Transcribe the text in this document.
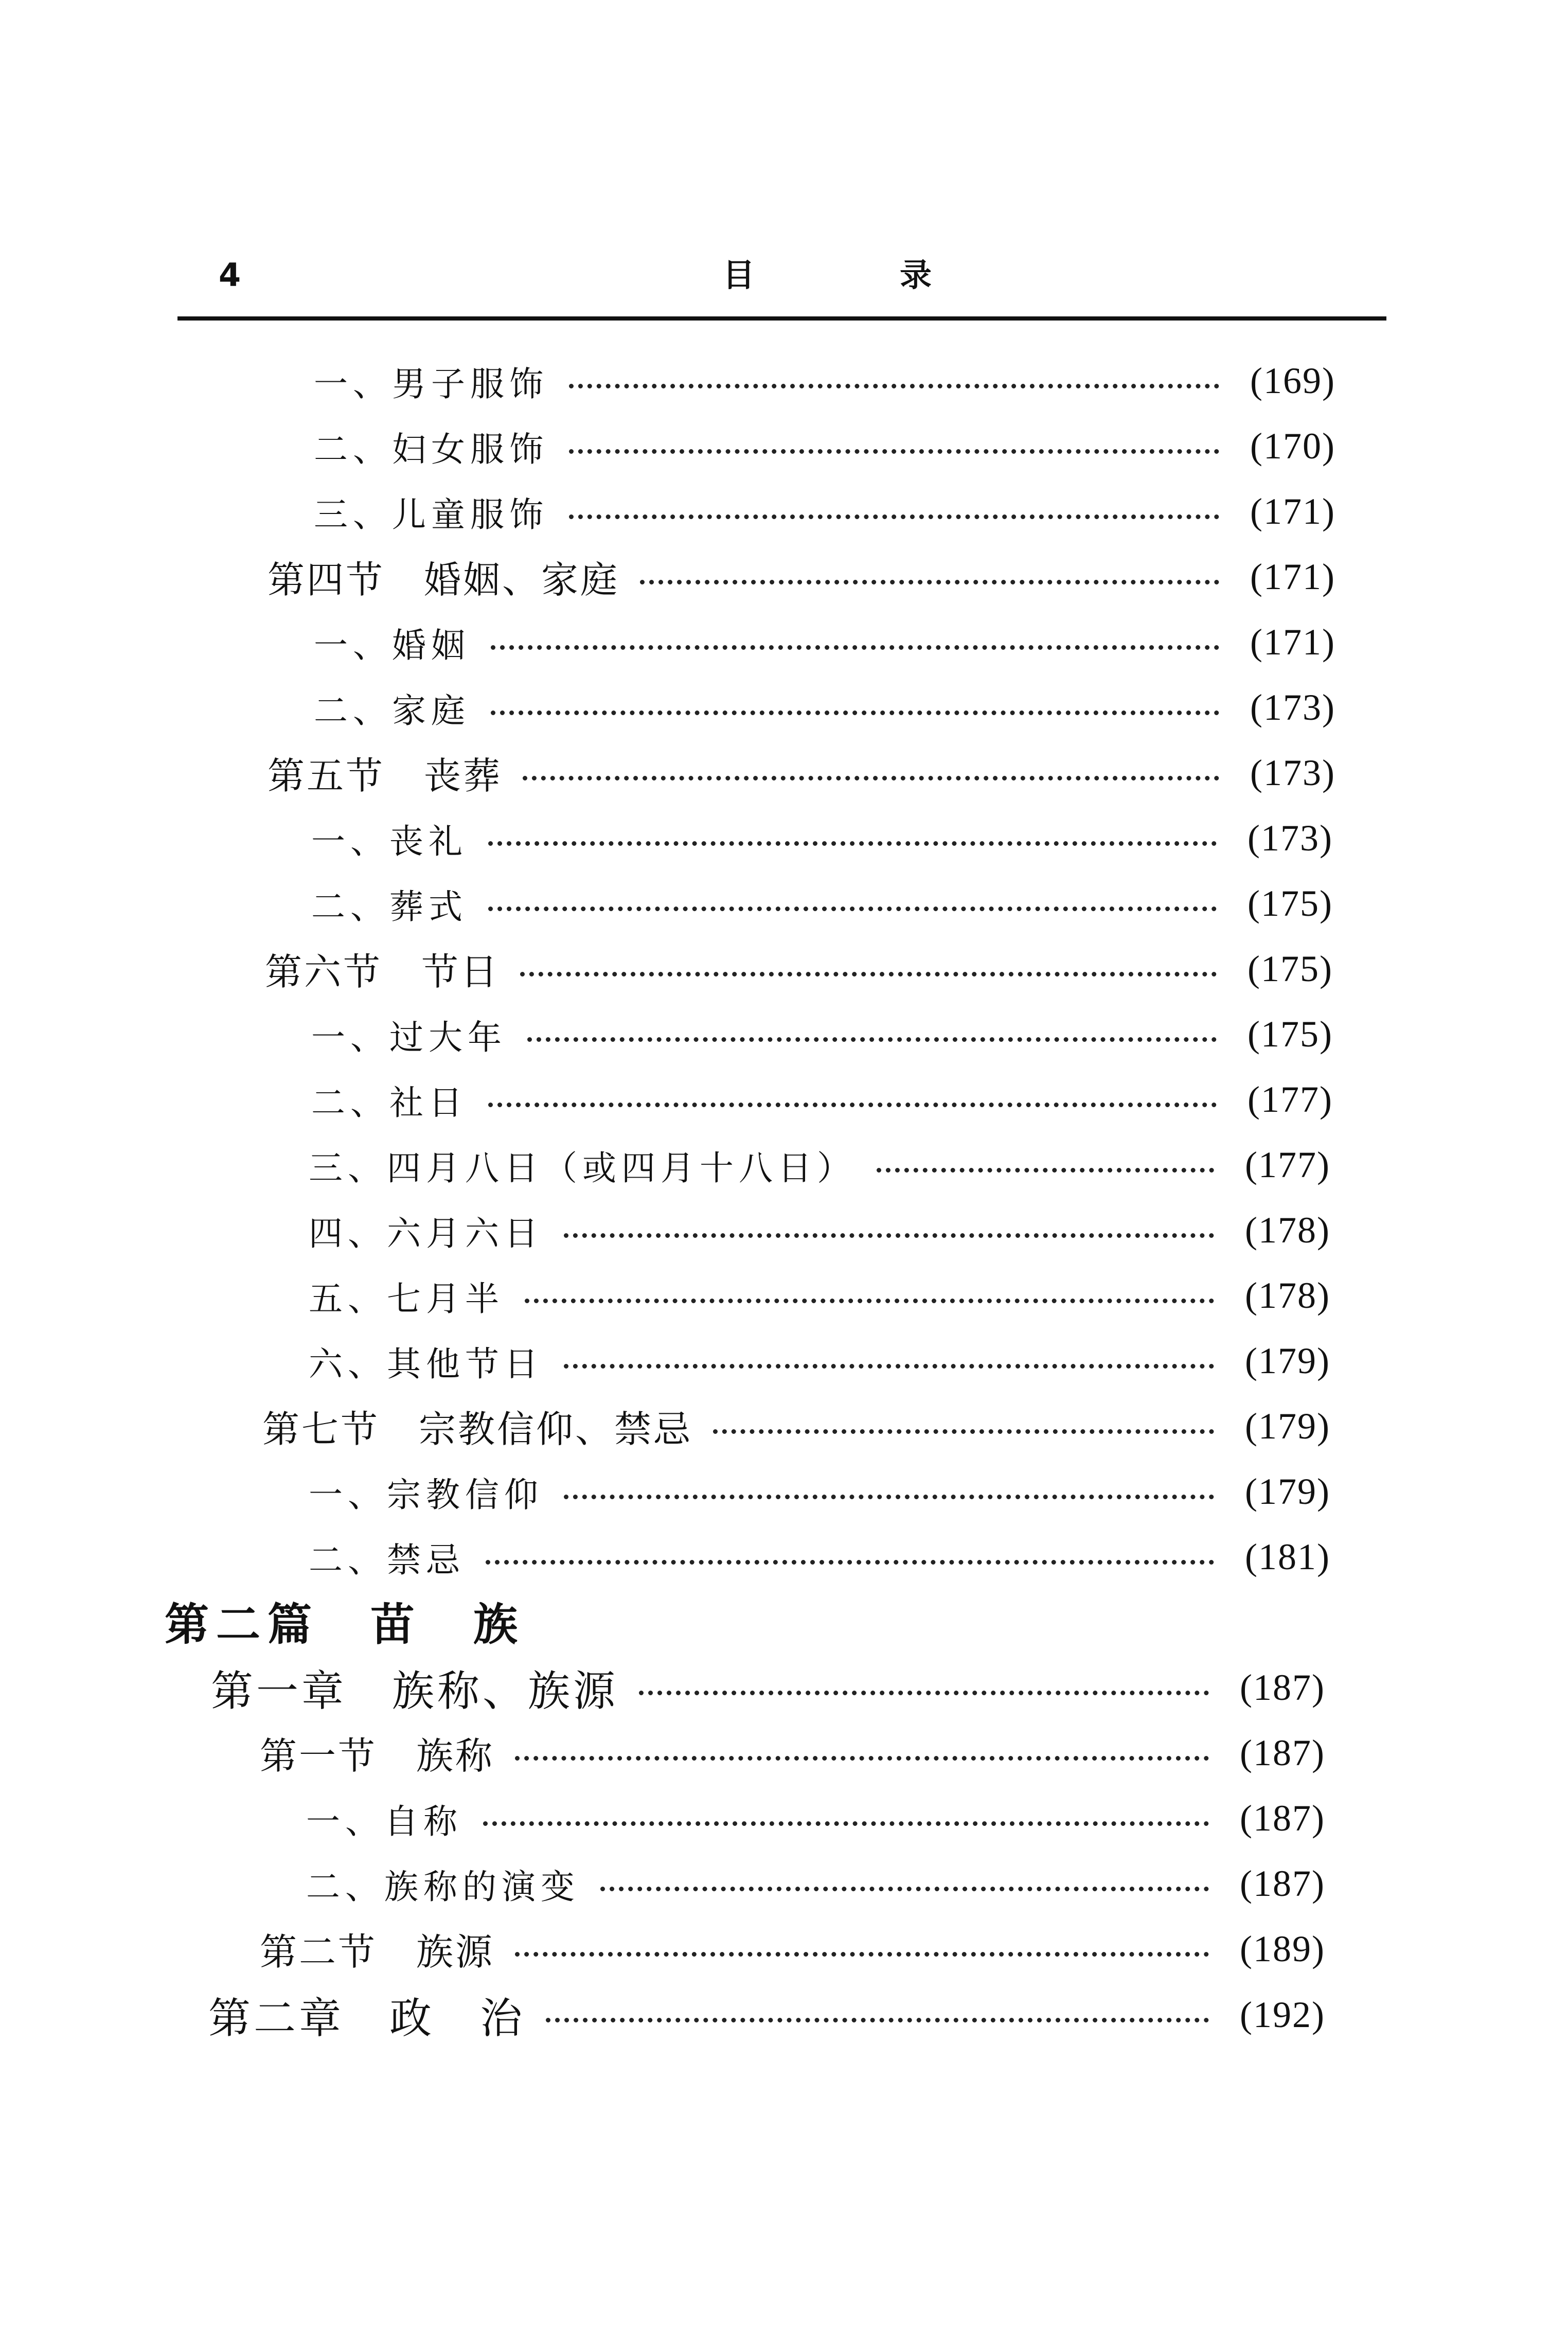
4	目　录
一、男子服饰	(169)
二、妇女服饰	(170)
三、儿童服饰	(171)
第四节　婚姻、家庭	(171)
一、婚姻	(171)
二、家庭	(173)
第五节　丧葬	(173)
一、丧礼	(173)
二、葬式	(175)
第六节　节日	(175)
一、过大年	(175)
二、社日	(177)
三、四月八日（或四月十八日）	(177)
四、六月六日	(178)
五、七月半	(178)
六、其他节日	(179)
第七节　宗教信仰、禁忌	(179)
一、宗教信仰	(179)
二、禁忌	(181)
第二篇　苗　族
第一章　族称、族源	(187)
第一节　族称	(187)
一、自称	(187)
二、族称的演变	(187)
第二节　族源	(189)
第二章　政　治	(192)
